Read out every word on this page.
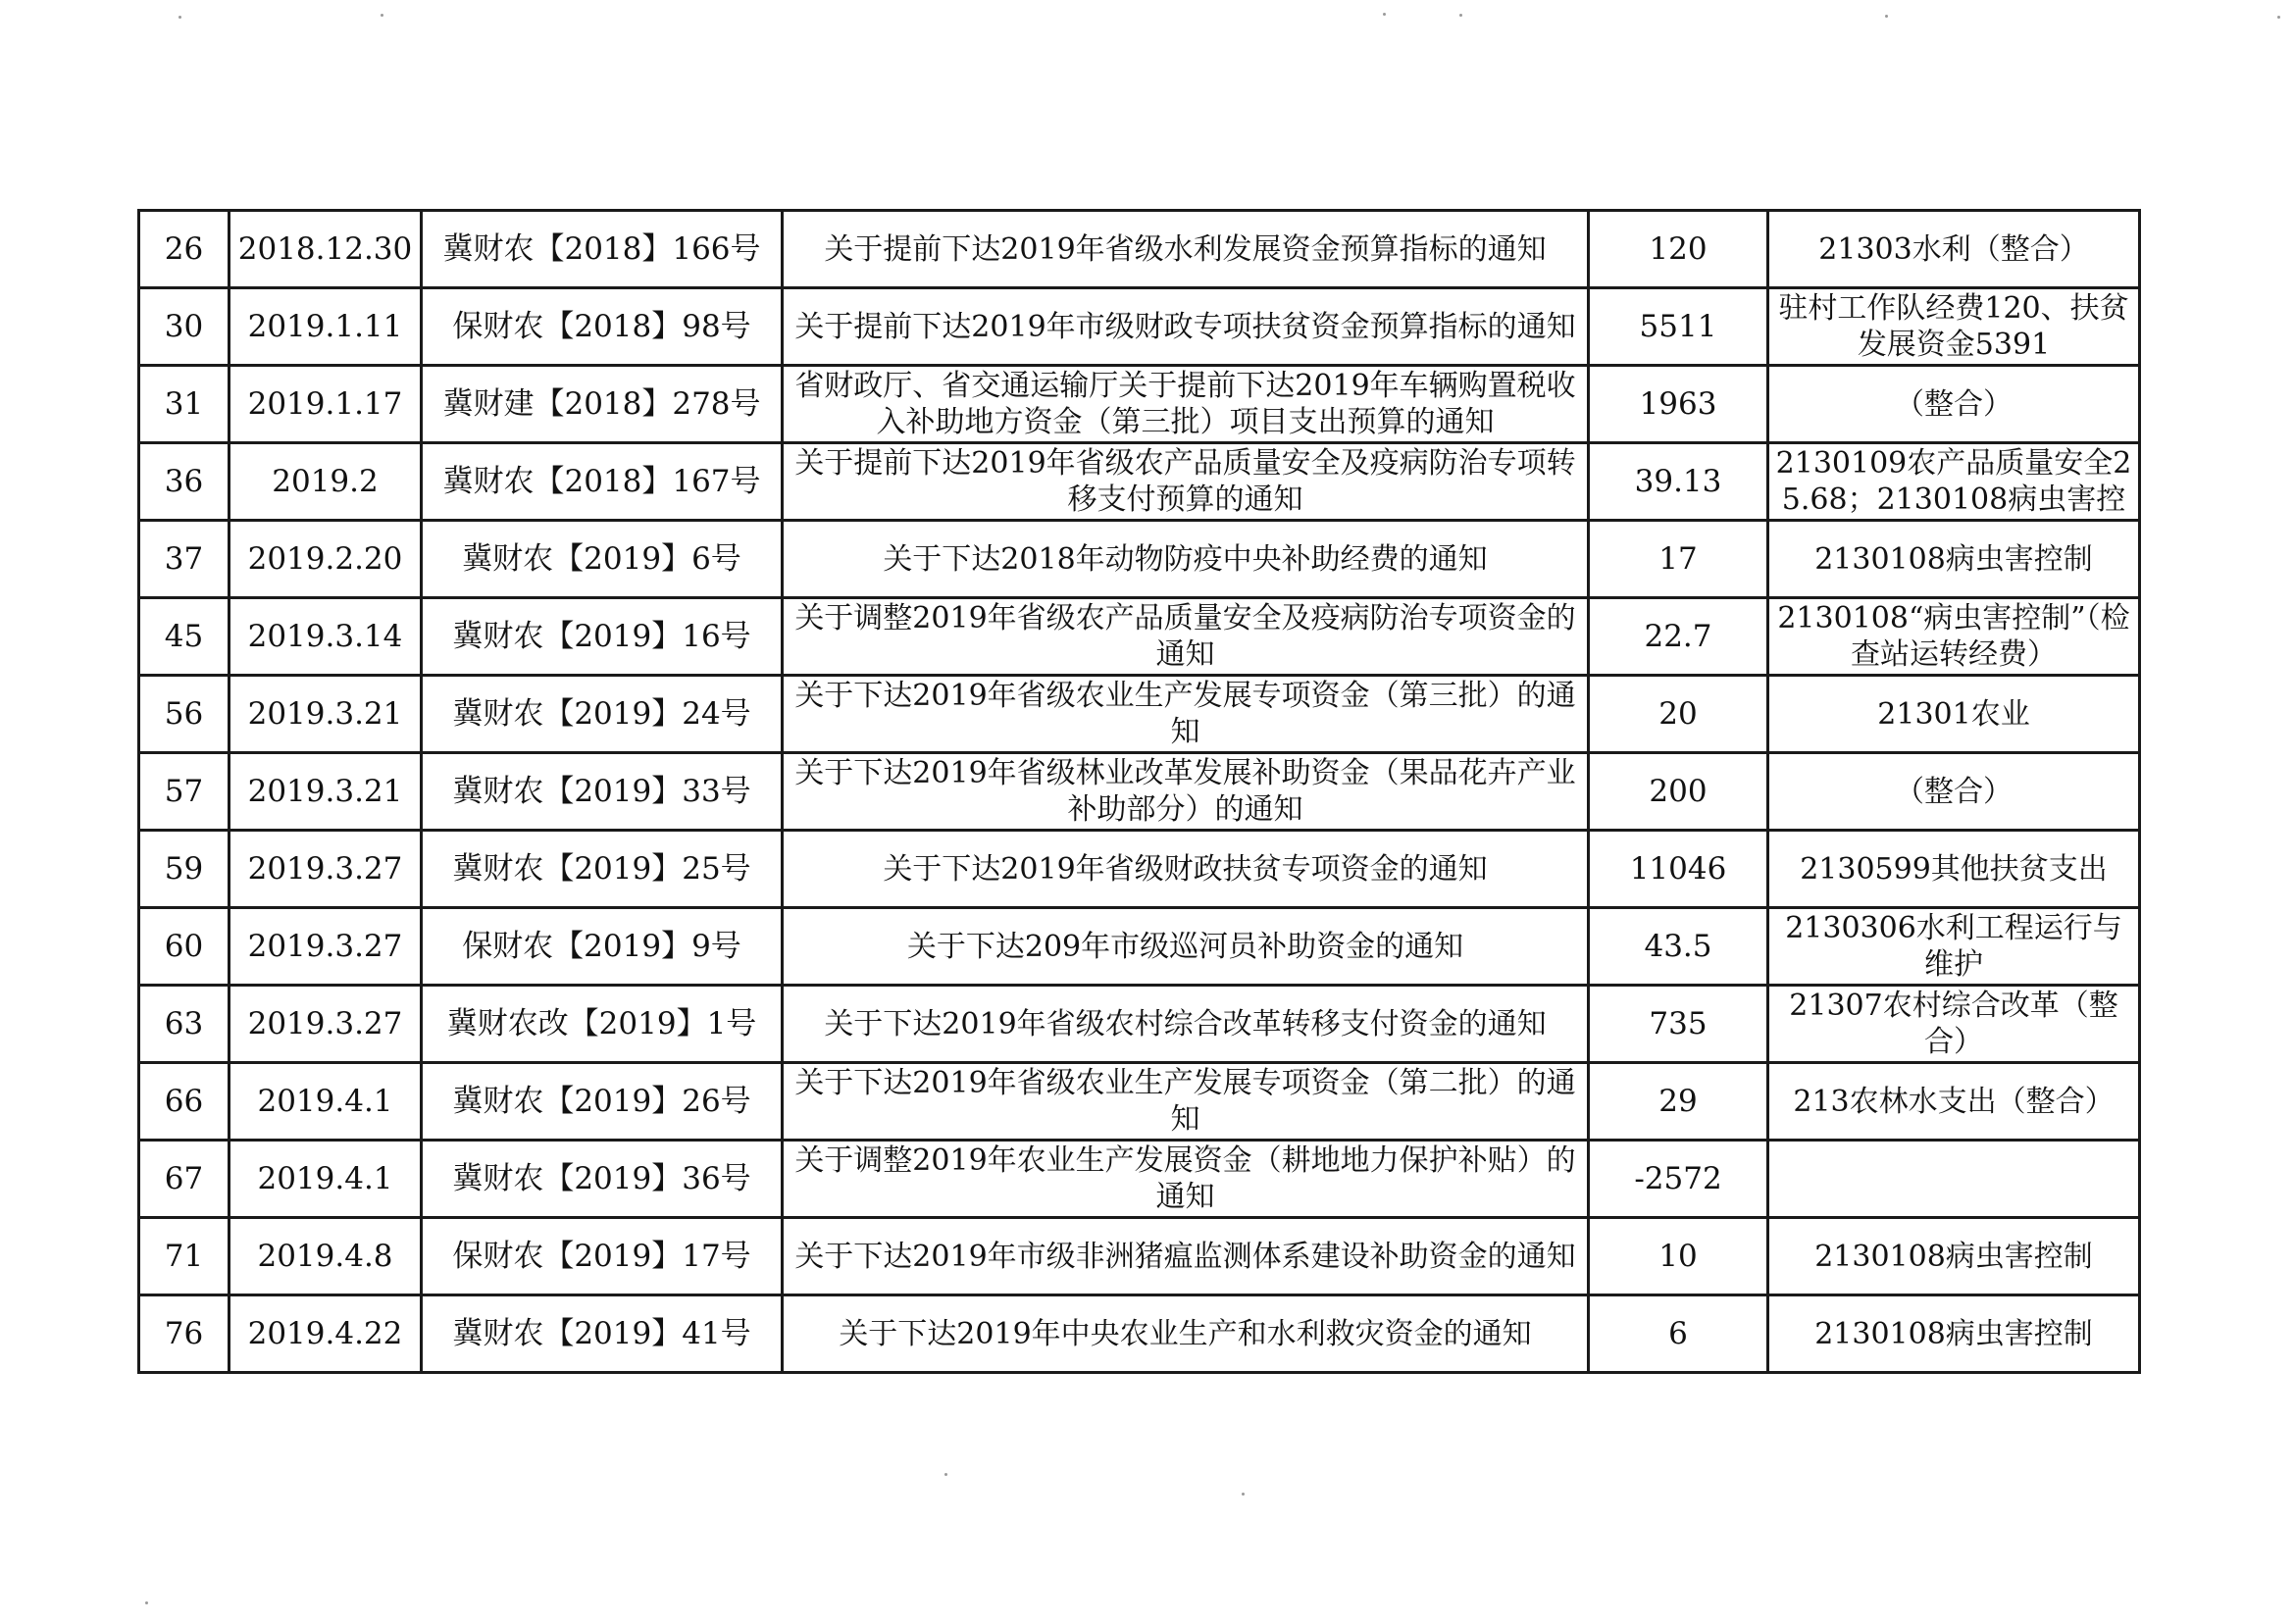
26	2018.12.30	冀财农【2018】166号	关于提前下达2019年省级水利发展资金预算指标的通知	120	21303水利（整合）
30	2019.1.11	保财农【2018】98号	关于提前下达2019年市级财政专项扶贫资金预算指标的通知	5511	驻村工作队经费120、扶贫发展资金5391
31	2019.1.17	冀财建【2018】278号	省财政厅、省交通运输厅关于提前下达2019年车辆购置税收入补助地方资金（第三批）项目支出预算的通知	1963	（整合）
36	2019.2	冀财农【2018】167号	关于提前下达2019年省级农产品质量安全及疫病防治专项转移支付预算的通知	39.13	2130109农产品质量安全25.68；2130108病虫害控
37	2019.2.20	冀财农【2019】6号	关于下达2018年动物防疫中央补助经费的通知	17	2130108病虫害控制
45	2019.3.14	冀财农【2019】16号	关于调整2019年省级农产品质量安全及疫病防治专项资金的通知	22.7	2130108“病虫害控制”（检查站运转经费）
56	2019.3.21	冀财农【2019】24号	关于下达2019年省级农业生产发展专项资金（第三批）的通知	20	21301农业
57	2019.3.21	冀财农【2019】33号	关于下达2019年省级林业改革发展补助资金（果品花卉产业补助部分）的通知	200	（整合）
59	2019.3.27	冀财农【2019】25号	关于下达2019年省级财政扶贫专项资金的通知	11046	2130599其他扶贫支出
60	2019.3.27	保财农【2019】9号	关于下达209年市级巡河员补助资金的通知	43.5	2130306水利工程运行与维护
63	2019.3.27	冀财农改【2019】1号	关于下达2019年省级农村综合改革转移支付资金的通知	735	21307农村综合改革（整合）
66	2019.4.1	冀财农【2019】26号	关于下达2019年省级农业生产发展专项资金（第二批）的通知	29	213农林水支出（整合）
67	2019.4.1	冀财农【2019】36号	关于调整2019年农业生产发展资金（耕地地力保护补贴）的通知	-2572	
71	2019.4.8	保财农【2019】17号	关于下达2019年市级非洲猪瘟监测体系建设补助资金的通知	10	2130108病虫害控制
76	2019.4.22	冀财农【2019】41号	关于下达2019年中央农业生产和水利救灾资金的通知	6	2130108病虫害控制
